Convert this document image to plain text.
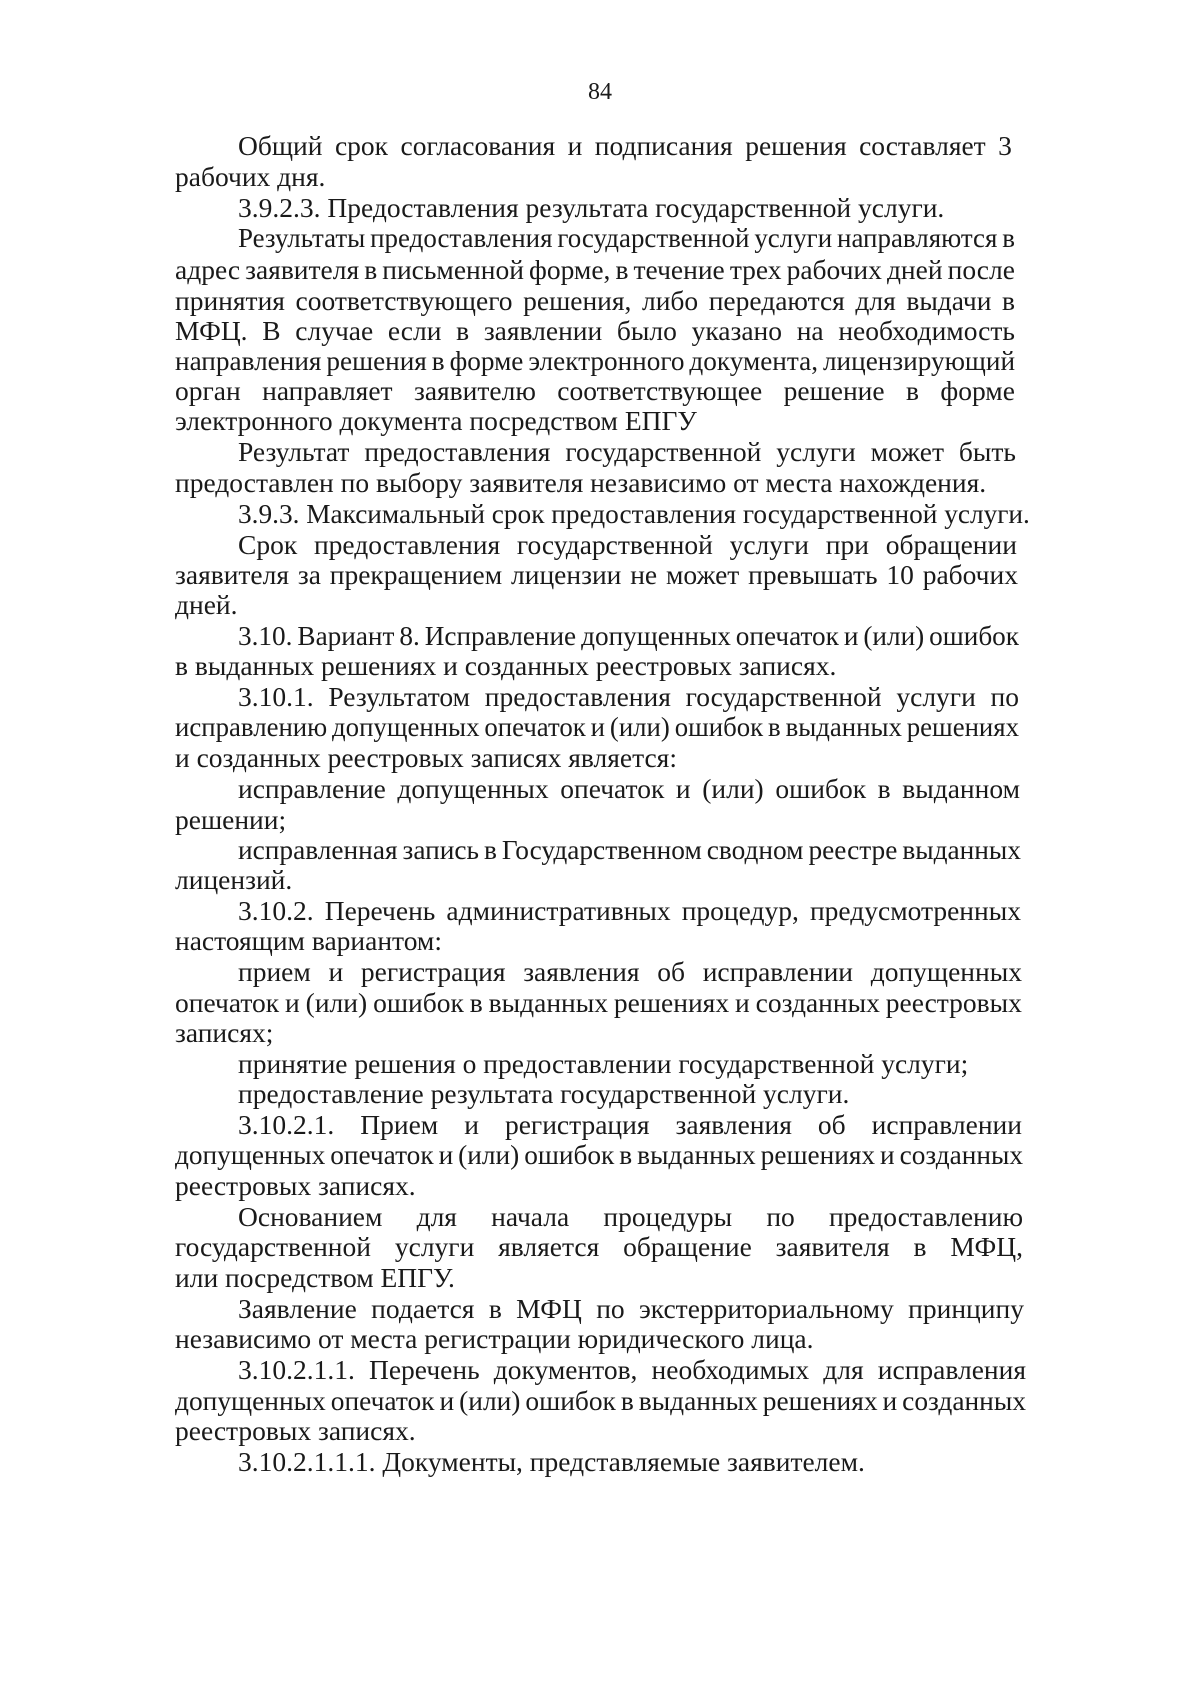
84
Общий срок согласования и подписания решения составляет 3
рабочих дня.
3.9.2.3. Предоставления результата государственной услуги.
Результаты предоставления государственной услуги направляются в
адрес заявителя в письменной форме, в течение трех рабочих дней после
принятия соответствующего решения, либо передаются для выдачи в
МФЦ. В случае если в заявлении было указано на необходимость
направления решения в форме электронного документа, лицензирующий
орган направляет заявителю соответствующее решение в форме
электронного документа посредством ЕПГУ
Результат предоставления государственной услуги может быть
предоставлен по выбору заявителя независимо от места нахождения.
3.9.3. Максимальный срок предоставления государственной услуги.
Срок предоставления государственной услуги при обращении
заявителя за прекращением лицензии не может превышать 10 рабочих
дней.
3.10. Вариант 8. Исправление допущенных опечаток и (или) ошибок
в выданных решениях и созданных реестровых записях.
3.10.1. Результатом предоставления государственной услуги по
исправлению допущенных опечаток и (или) ошибок в выданных решениях
и созданных реестровых записях является:
исправление допущенных опечаток и (или) ошибок в выданном
решении;
исправленная запись в Государственном сводном реестре выданных
лицензий.
3.10.2. Перечень административных процедур, предусмотренных
настоящим вариантом:
прием и регистрация заявления об исправлении допущенных
опечаток и (или) ошибок в выданных решениях и созданных реестровых
записях;
принятие решения о предоставлении государственной услуги;
предоставление результата государственной услуги.
3.10.2.1. Прием и регистрация заявления об исправлении
допущенных опечаток и (или) ошибок в выданных решениях и созданных
реестровых записях.
Основанием для начала процедуры по предоставлению
государственной услуги является обращение заявителя в МФЦ,
или посредством ЕПГУ.
Заявление подается в МФЦ по экстерриториальному принципу
независимо от места регистрации юридического лица.
3.10.2.1.1. Перечень документов, необходимых для исправления
допущенных опечаток и (или) ошибок в выданных решениях и созданных
реестровых записях.
3.10.2.1.1.1. Документы, представляемые заявителем.
